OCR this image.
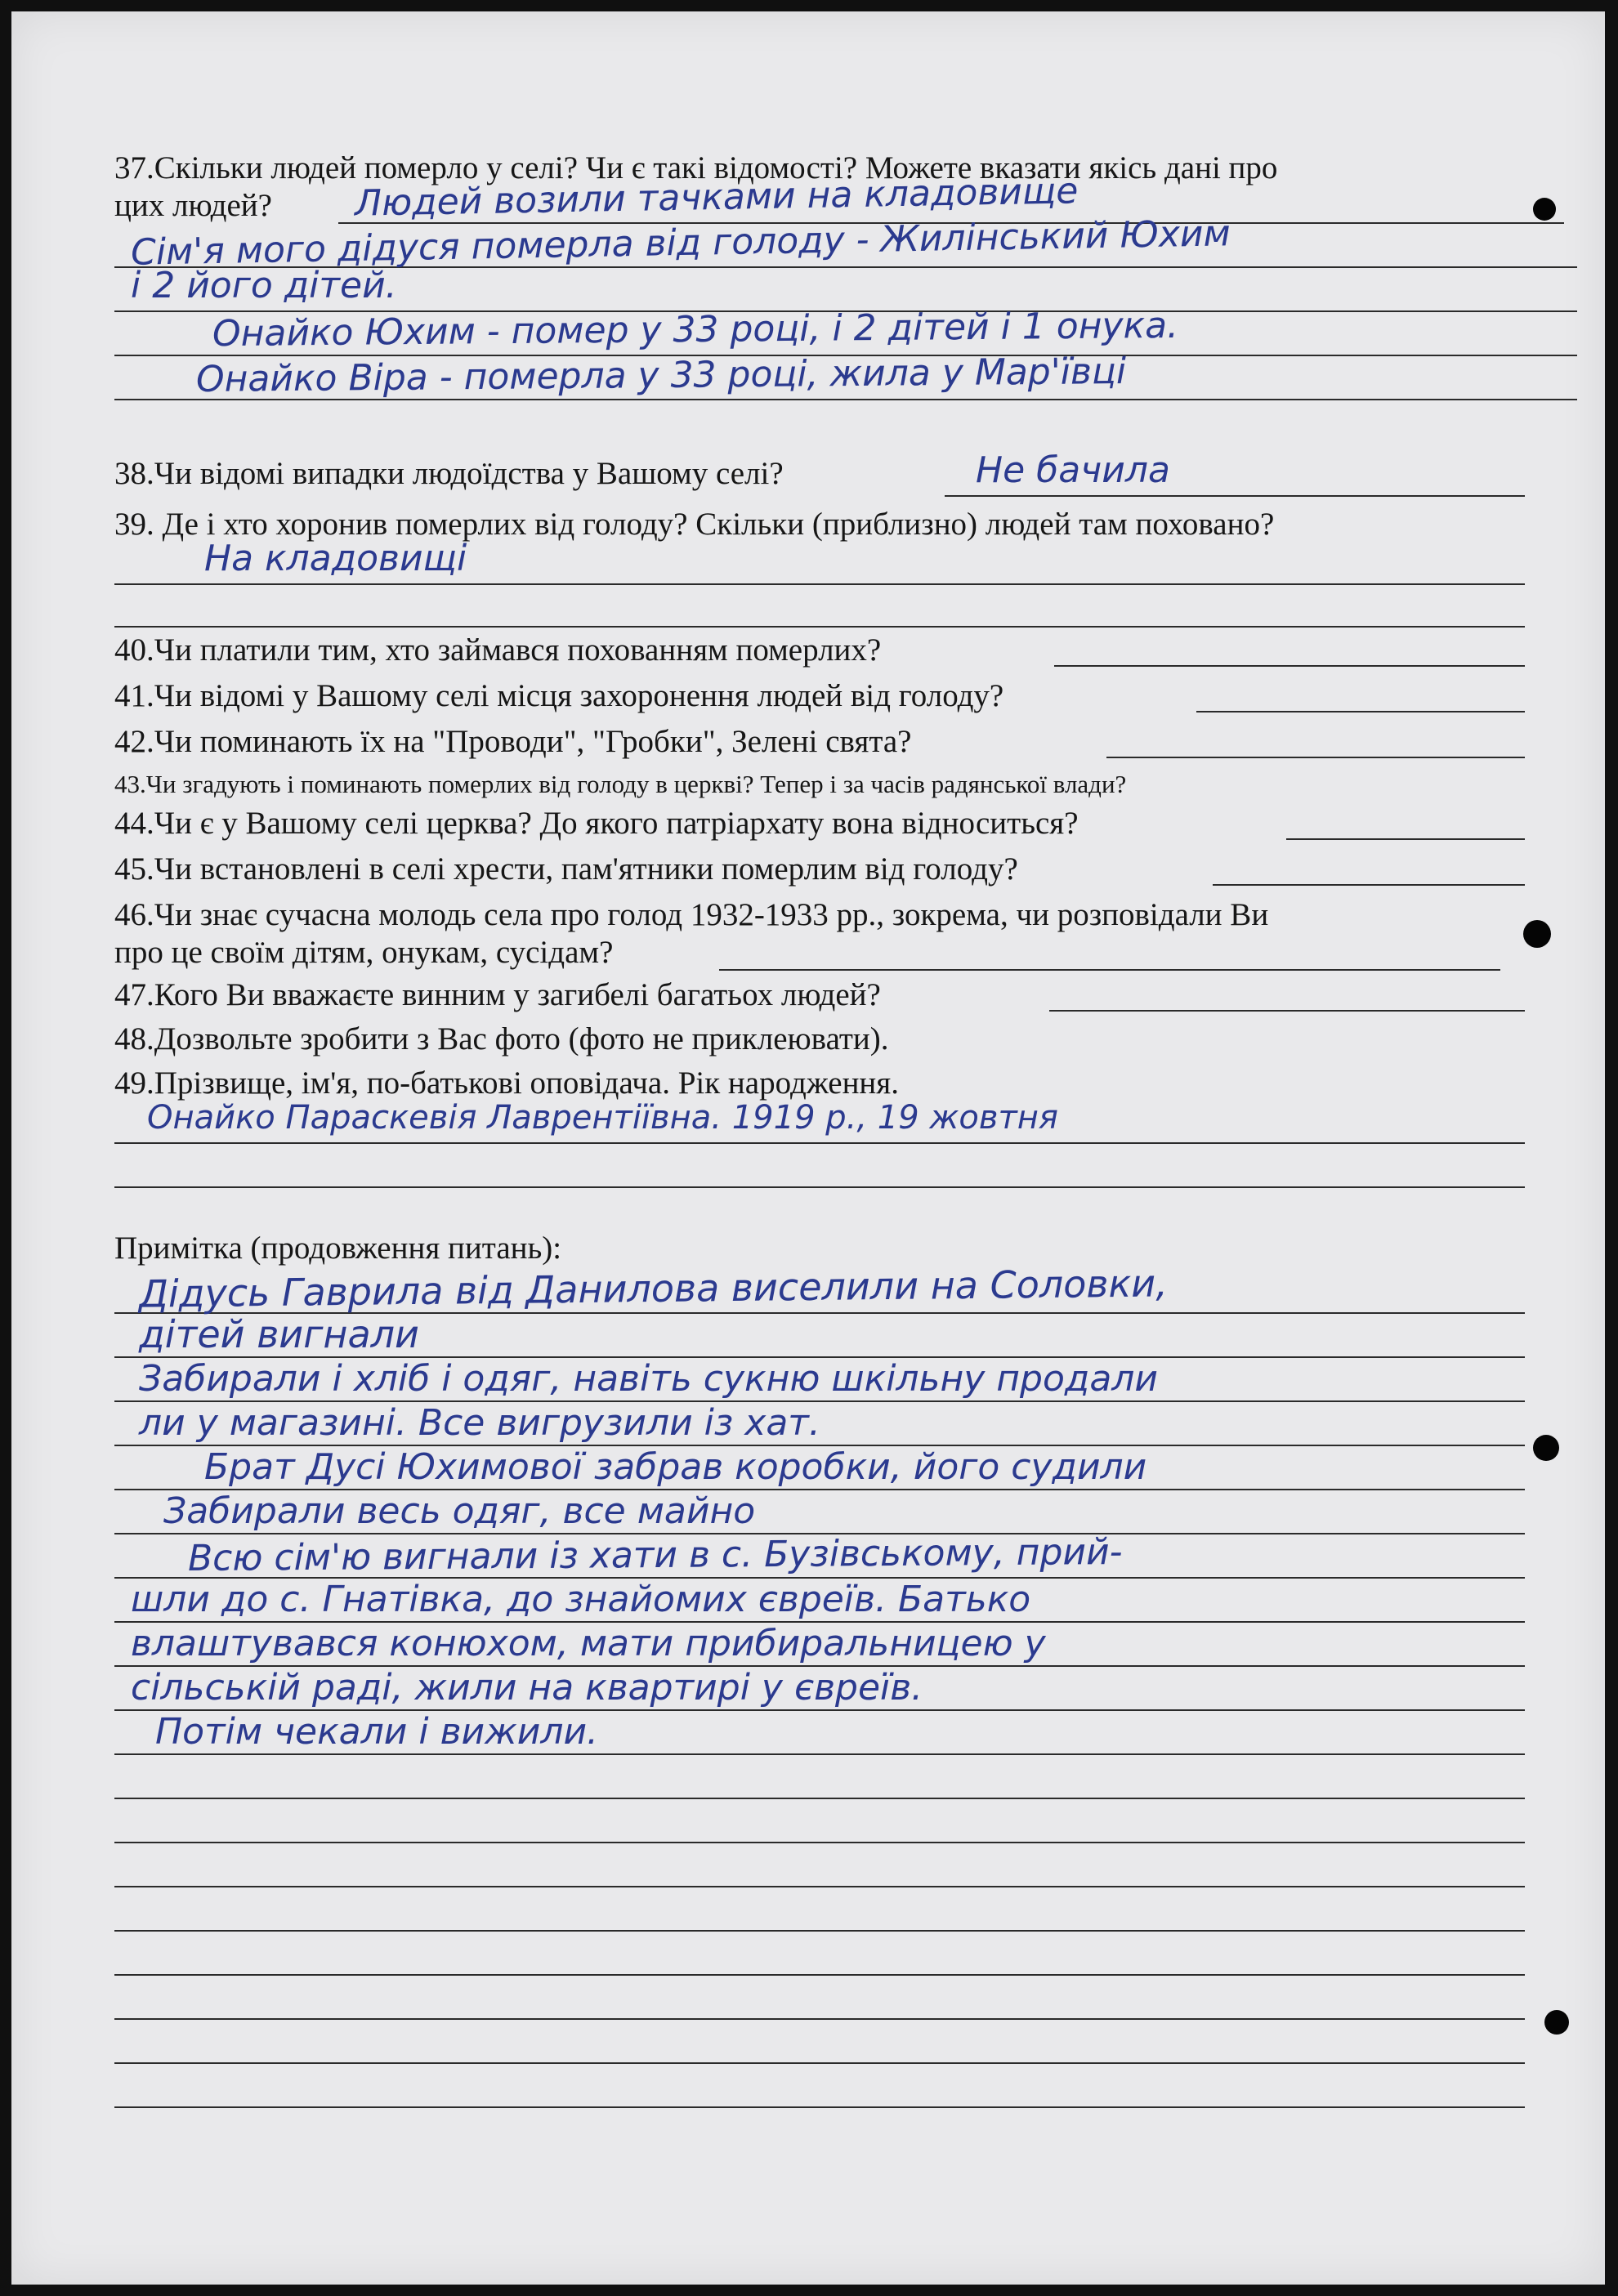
37.Скільки людей померло у селі? Чи є такі відомості? Можете вказати якісь дані про
цих людей? Людей возили тачками на кладовище
Сім'я мого дідуся померла від голоду - Жилінський Юхим
і 2 його дітей.
Онайко Юхим - помер у 33 році, і 2 дітей і 1 онука.
Онайко Віра - померла у 33 році, жила у Мар'ївці
38.Чи відомі випадки людоїдства у Вашому селі?	Не бачила
39. Де і хто хоронив померлих від голоду? Скільки (приблизно) людей там поховано?
На кладовищі
40.Чи платили тим, хто займався похованням померлих?
41.Чи відомі у Вашому селі місця захоронення людей від голоду?
42.Чи поминають їх на "Проводи", "Гробки", Зелені свята?
43.Чи згадують і поминають померлих від голоду в церкві? Тепер і за часів радянської влади?
44.Чи є у Вашому селі церква? До якого патріархату вона відноситься?
45.Чи встановлені в селі хрести, пам'ятники померлим від голоду?
46.Чи знає сучасна молодь села про голод 1932-1933 рр., зокрема, чи розповідали Ви
про це своїм дітям, онукам, сусідам?
47.Кого Ви вважаєте винним у загибелі багатьох людей?
48.Дозвольте зробити з Вас фото (фото не приклеювати).
49.Прізвище, ім'я, по-батькові оповідача. Рік народження.
Онайко Параскевія Лаврентіївна. 1919 р., 19 жовтня
Примітка (продовження питань):
Дідусь Гаврила від Данилова виселили на Соловки,
дітей вигнали
Забирали і хліб і одяг, навіть сукню шкільну продали
ли у магазині. Все вигрузили із хат.
Брат Дусі Юхимової забрав коробки, його судили
Забирали весь одяг, все майно
Всю сім'ю вигнали із хати в с. Бузівському, прий-
шли до с. Гнатівка, до знайомих євреїв. Батько
влаштувався конюхом, мати прибиральницею у
сільській раді, жили на квартирі у євреїв.
Потім чекали і вижили.
